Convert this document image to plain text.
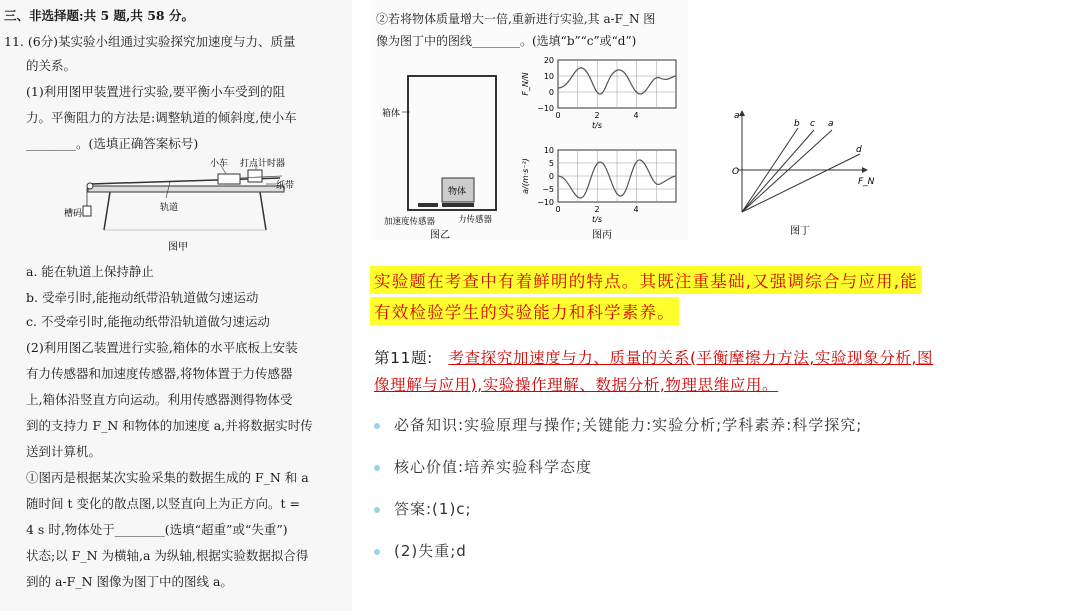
小车 打点计时器
纸带
槽码
轨道
图甲
三、非选择题:共 5 题,共 58 分。
11. (6分)某实验小组通过实验探究加速度与力、质量
的关系。
(1)利用图甲装置进行实验,要平衡小车受到的阻
力。平衡阻力的方法是:调整轨道的倾斜度,使小车
________。(选填正确答案标号)
a. 能在轨道上保持静止
b. 受牵引时,能拖动纸带沿轨道做匀速运动
c. 不受牵引时,能拖动纸带沿轨道做匀速运动
(2)利用图乙装置进行实验,箱体的水平底板上安装
有力传感器和加速度传感器,将物体置于力传感器
上,箱体沿竖直方向运动。利用传感器测得物体受
到的支持力 F_N 和物体的加速度 a,并将数据实时传
送到计算机。
①图丙是根据某次实验采集的数据生成的 F_N 和 a
随时间 t 变化的散点图,以竖直向上为正方向。t =
4 s 时,物体处于________(选填“超重”或“失重”)
状态;以 F_N 为横轴,a 为纵轴,根据实验数据拟合得
到的 a-F_N 图像为图丁中的图线 a。
②若将物体质量增大一倍,重新进行实验,其 a-F_N 图
像为图丁中的图线________。(选填“b”“c”或“d”)
箱体
物体
加速度传感器	力传感器
图乙
20
10
0
−10
F_N/N
10
5
0
−5
−10
a/(m·s⁻²)
0
0
2
2
4
4
t/s
t/s
图丙
a
F_N
O
b c a
d
图丁
实验题在考查中有着鲜明的特点。其既注重基础,又强调综合与应用,能
有效检验学生的实验能力和科学素养。
第11题: 考查探究加速度与力、质量的关系(平衡摩擦力方法,实验现象分析,图
像理解与应用),实验操作理解、数据分析,物理思维应用。
必备知识:实验原理与操作;关键能力:实验分析;学科素养:科学探究;
核心价值:培养实验科学态度
答案:(1)c;
(2)失重;d
